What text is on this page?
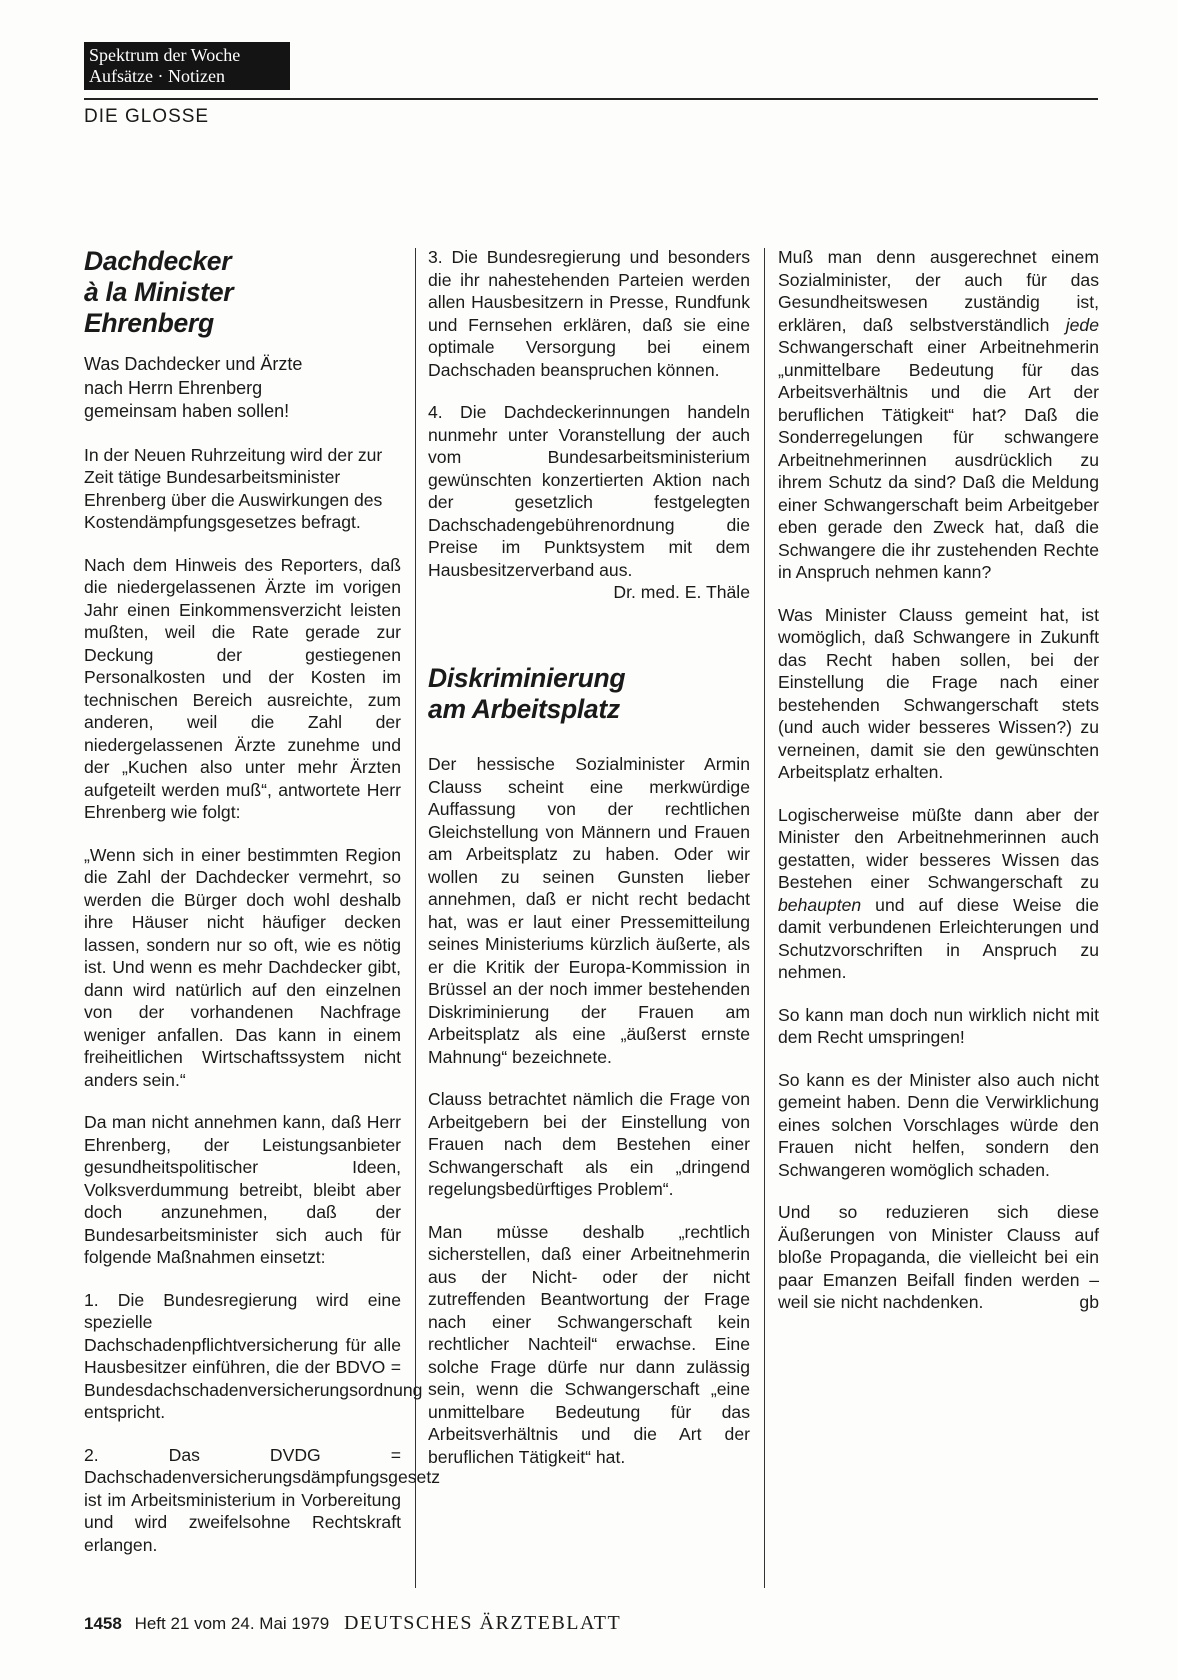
Spektrum der Woche
Aufsätze · Notizen
DIE GLOSSE
Dachdecker
à la Minister
Ehrenberg
Was Dachdecker und Ärzte
nach Herrn Ehrenberg
gemeinsam haben sollen!

In der Neuen Ruhrzeitung wird der zur Zeit tätige Bundesarbeitsminister Ehrenberg über die Auswirkungen des Kostendämpfungsgesetzes befragt.

Nach dem Hinweis des Reporters, daß die niedergelassenen Ärzte im vorigen Jahr einen Einkommensverzicht leisten mußten, weil die Rate gerade zur Deckung der gestiegenen Personalkosten und der Kosten im technischen Bereich ausreichte, zum anderen, weil die Zahl der niedergelassenen Ärzte zunehme und der „Kuchen also unter mehr Ärzten aufgeteilt werden muß“, antwortete Herr Ehrenberg wie folgt:

„Wenn sich in einer bestimmten Region die Zahl der Dachdecker vermehrt, so werden die Bürger doch wohl deshalb ihre Häuser nicht häufiger decken lassen, sondern nur so oft, wie es nötig ist. Und wenn es mehr Dachdecker gibt, dann wird natürlich auf den einzelnen von der vorhandenen Nachfrage weniger anfallen. Das kann in einem freiheitlichen Wirtschaftssystem nicht anders sein.“

Da man nicht annehmen kann, daß Herr Ehrenberg, der Leistungsanbieter gesundheitspolitischer Ideen, Volksverdummung betreibt, bleibt aber doch anzunehmen, daß der Bundesarbeitsminister sich auch für folgende Maßnahmen einsetzt:

1. Die Bundesregierung wird eine spezielle Dachschadenpflichtversicherung für alle Hausbesitzer einführen, die der BDVO = Bundesdachschadenversicherungsordnung entspricht.

2. Das DVDG = Dachschadenversicherungsdämpfungsgesetz ist im Arbeitsministerium in Vorbereitung und wird zweifelsohne Rechtskraft erlangen.

3. Die Bundesregierung und besonders die ihr nahestehenden Parteien werden allen Hausbesitzern in Presse, Rundfunk und Fernsehen erklären, daß sie eine optimale Versorgung bei einem Dachschaden beanspruchen können.

4. Die Dachdeckerinnungen handeln nunmehr unter Voranstellung der auch vom Bundesarbeitsministerium gewünschten konzertierten Aktion nach der gesetzlich festgelegten Dachschadengebührenordnung die Preise im Punktsystem mit dem Hausbesitzerverband aus.
Dr. med. E. Thäle

Diskriminierung
am Arbeitsplatz

Der hessische Sozialminister Armin Clauss scheint eine merkwürdige Auffassung von der rechtlichen Gleichstellung von Männern und Frauen am Arbeitsplatz zu haben. Oder wir wollen zu seinen Gunsten lieber annehmen, daß er nicht recht bedacht hat, was er laut einer Pressemitteilung seines Ministeriums kürzlich äußerte, als er die Kritik der Europa-Kommission in Brüssel an der noch immer bestehenden Diskriminierung der Frauen am Arbeitsplatz als eine „äußerst ernste Mahnung“ bezeichnete.

Clauss betrachtet nämlich die Frage von Arbeitgebern bei der Einstellung von Frauen nach dem Bestehen einer Schwangerschaft als ein „dringend regelungsbedürftiges Problem“.

Man müsse deshalb „rechtlich sicherstellen, daß einer Arbeitnehmerin aus der Nicht- oder der nicht zutreffenden Beantwortung der Frage nach einer Schwangerschaft kein rechtlicher Nachteil“ erwachse. Eine solche Frage dürfe nur dann zulässig sein, wenn die Schwangerschaft „eine unmittelbare Bedeutung für das Arbeitsverhältnis und die Art der beruflichen Tätigkeit“ hat.

Muß man denn ausgerechnet einem Sozialminister, der auch für das Gesundheitswesen zuständig ist, erklären, daß selbstverständlich jede Schwangerschaft einer Arbeitnehmerin „unmittelbare Bedeutung für das Arbeitsverhältnis und die Art der beruflichen Tätigkeit“ hat? Daß die Sonderregelungen für schwangere Arbeitnehmerinnen ausdrücklich zu ihrem Schutz da sind? Daß die Meldung einer Schwangerschaft beim Arbeitgeber eben gerade den Zweck hat, daß die Schwangere die ihr zustehenden Rechte in Anspruch nehmen kann?

Was Minister Clauss gemeint hat, ist womöglich, daß Schwangere in Zukunft das Recht haben sollen, bei der Einstellung die Frage nach einer bestehenden Schwangerschaft stets (und auch wider besseres Wissen?) zu verneinen, damit sie den gewünschten Arbeitsplatz erhalten.

Logischerweise müßte dann aber der Minister den Arbeitnehmerinnen auch gestatten, wider besseres Wissen das Bestehen einer Schwangerschaft zu behaupten und auf diese Weise die damit verbundenen Erleichterungen und Schutzvorschriften in Anspruch zu nehmen.

So kann man doch nun wirklich nicht mit dem Recht umspringen!

So kann es der Minister also auch nicht gemeint haben. Denn die Verwirklichung eines solchen Vorschlages würde den Frauen nicht helfen, sondern den Schwangeren womöglich schaden.

Und so reduzieren sich diese Äußerungen von Minister Clauss auf bloße Propaganda, die vielleicht bei ein paar Emanzen Beifall finden werden – weil sie nicht nachdenken.	gb

1458 Heft 21 vom 24. Mai 1979 DEUTSCHES ÄRZTEBLATT
